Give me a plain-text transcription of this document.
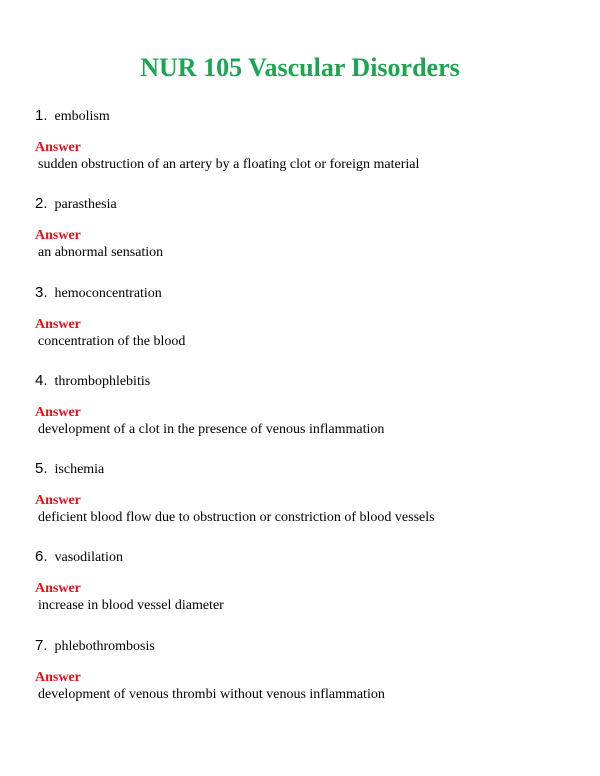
NUR 105 Vascular Disorders
1. embolism
Answer
sudden obstruction of an artery by a floating clot or foreign material
2. parasthesia
Answer
an abnormal sensation
3. hemoconcentration
Answer
concentration of the blood
4. thrombophlebitis
Answer
development of a clot in the presence of venous inflammation
5. ischemia
Answer
deficient blood flow due to obstruction or constriction of blood vessels
6. vasodilation
Answer
increase in blood vessel diameter
7. phlebothrombosis
Answer
development of venous thrombi without venous inflammation
